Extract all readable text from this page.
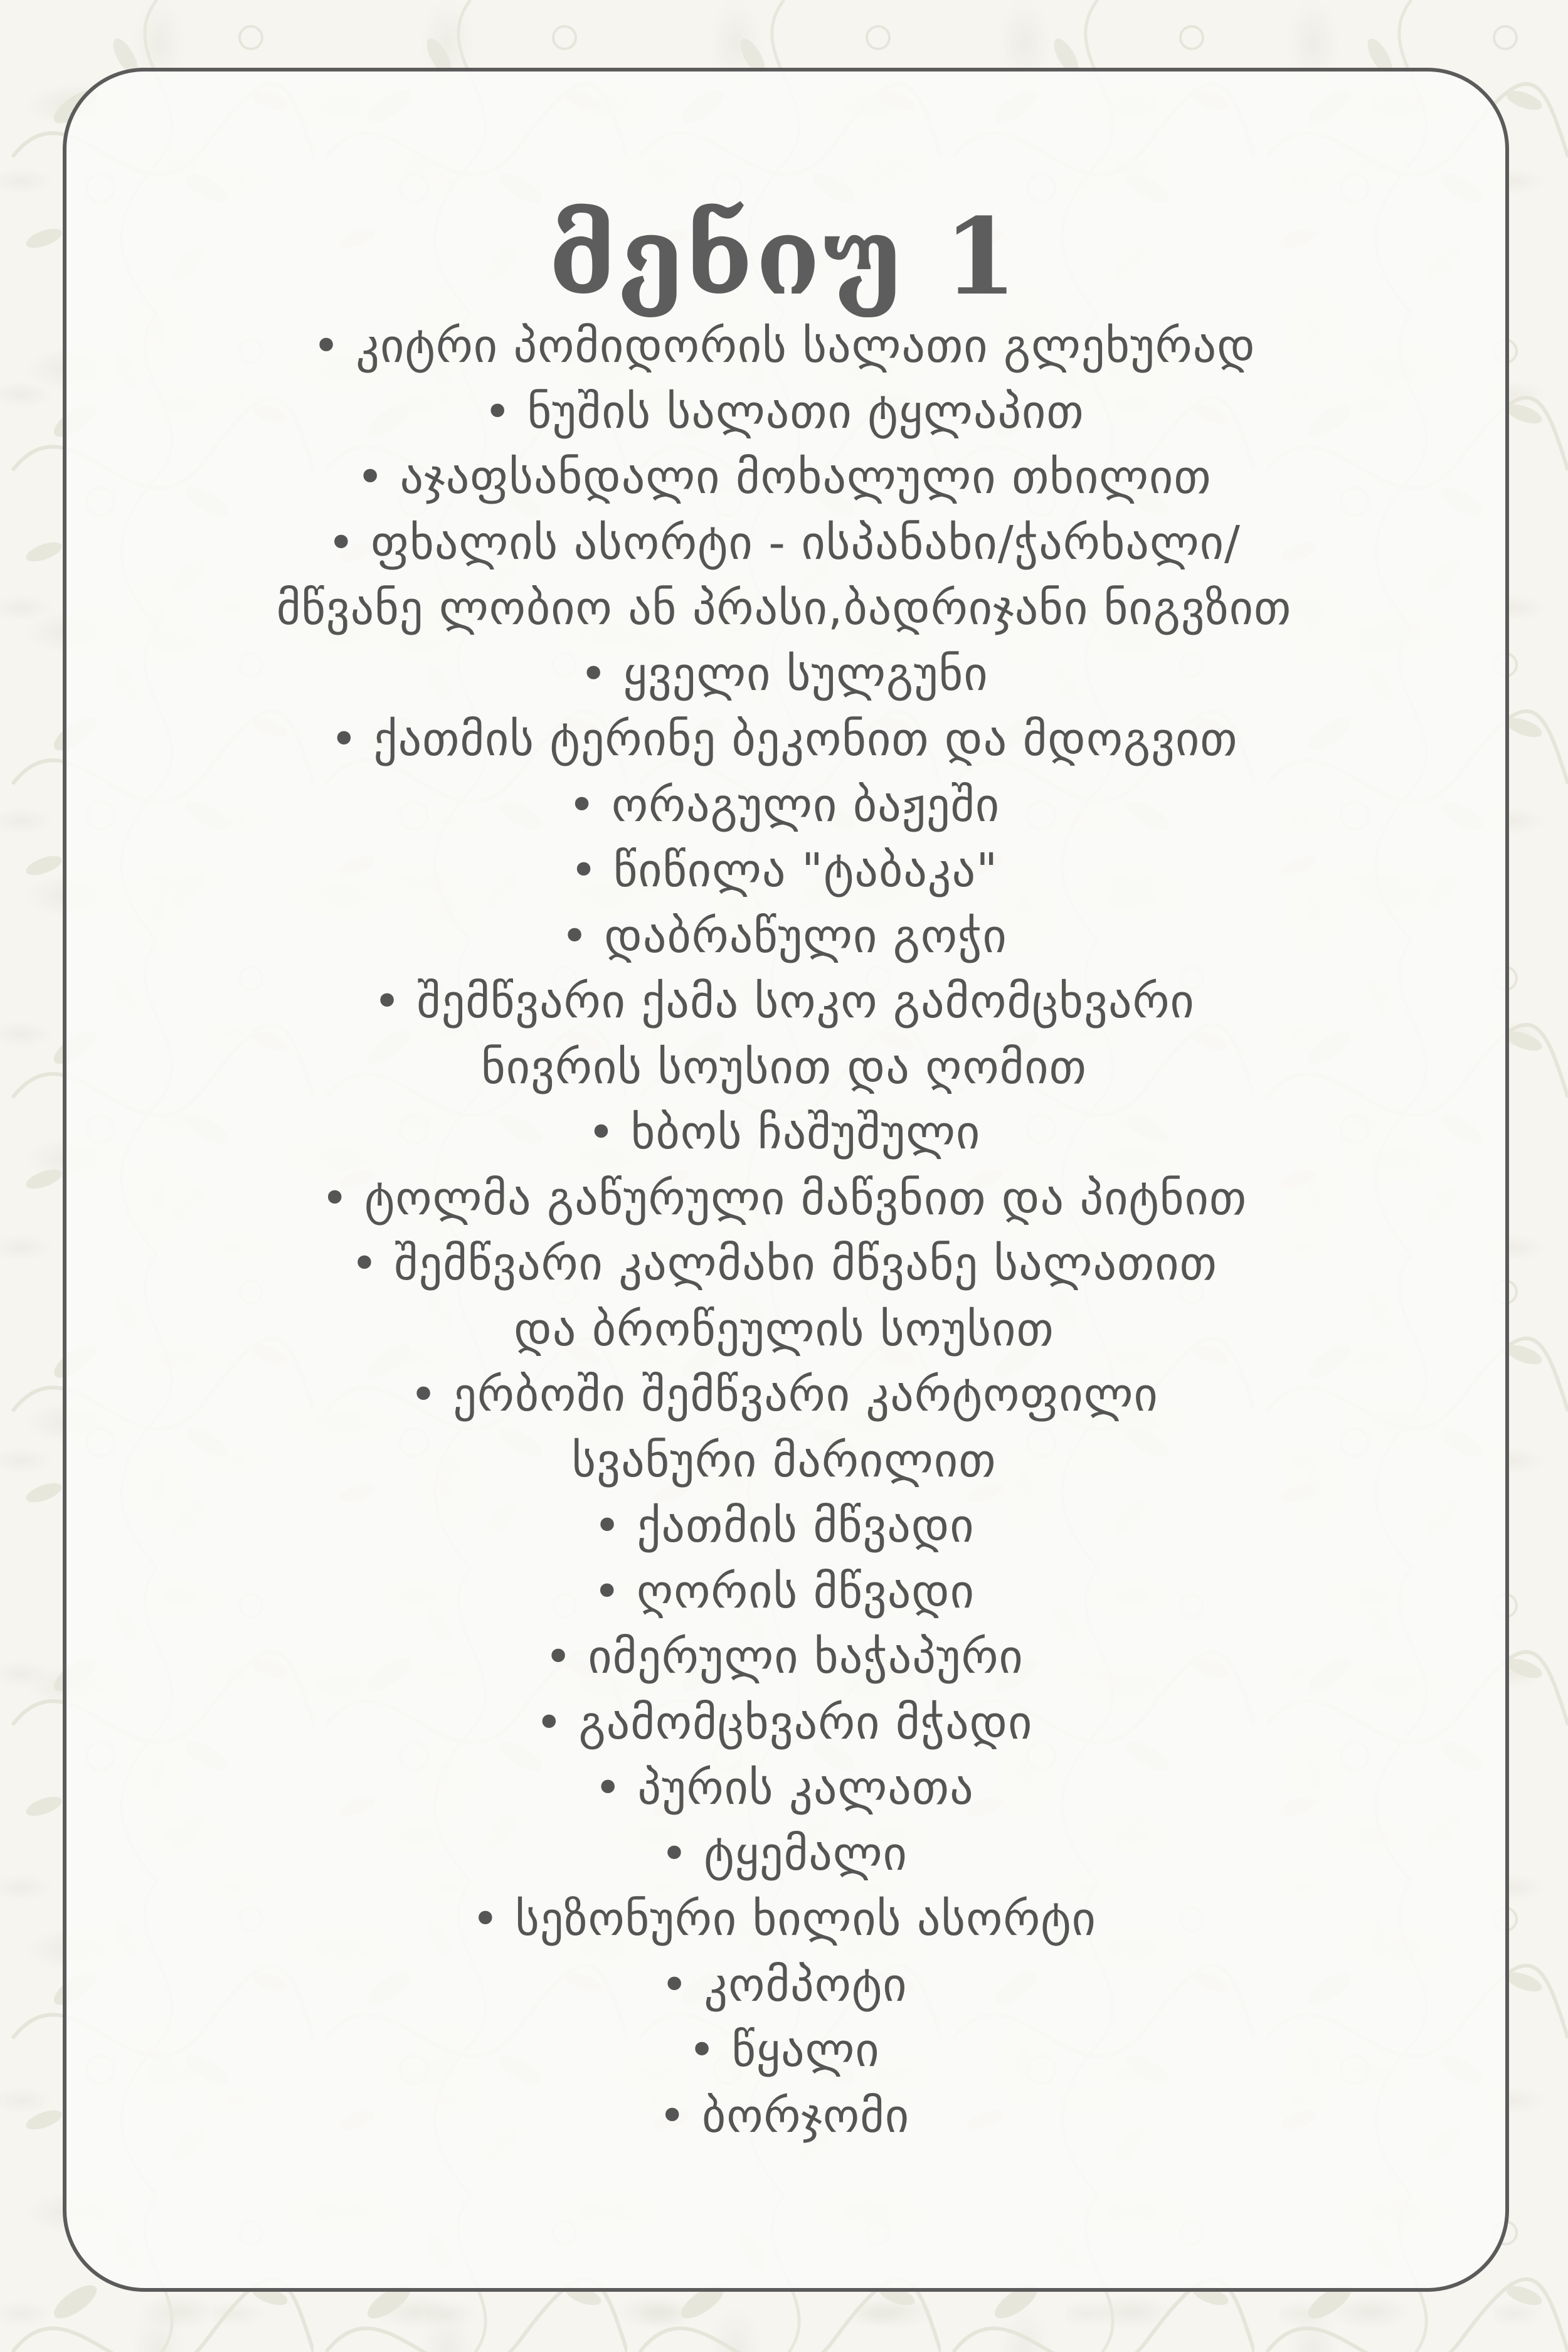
მენიუ 1
• კიტრი პომიდორის სალათი გლეხურად
• ნუშის სალათი ტყლაპით
• აჯაფსანდალი მოხალული თხილით
• ფხალის ასორტი - ისპანახი/ჭარხალი/
მწვანე ლობიო ან პრასი,ბადრიჯანი ნიგვზით
• ყველი სულგუნი
• ქათმის ტერინე ბეკონით და მდოგვით
• ორაგული ბაჟეში
• წიწილა "ტაბაკა"
• დაბრაწული გოჭი
• შემწვარი ქამა სოკო გამომცხვარი
ნივრის სოუსით და ღომით
• ხბოს ჩაშუშული
• ტოლმა გაწურული მაწვნით და პიტნით
• შემწვარი კალმახი მწვანე სალათით
და ბროწეულის სოუსით
• ერბოში შემწვარი კარტოფილი
სვანური მარილით
• ქათმის მწვადი
• ღორის მწვადი
• იმერული ხაჭაპური
• გამომცხვარი მჭადი
• პურის კალათა
• ტყემალი
• სეზონური ხილის ასორტი
• კომპოტი
• წყალი
• ბორჯომი
